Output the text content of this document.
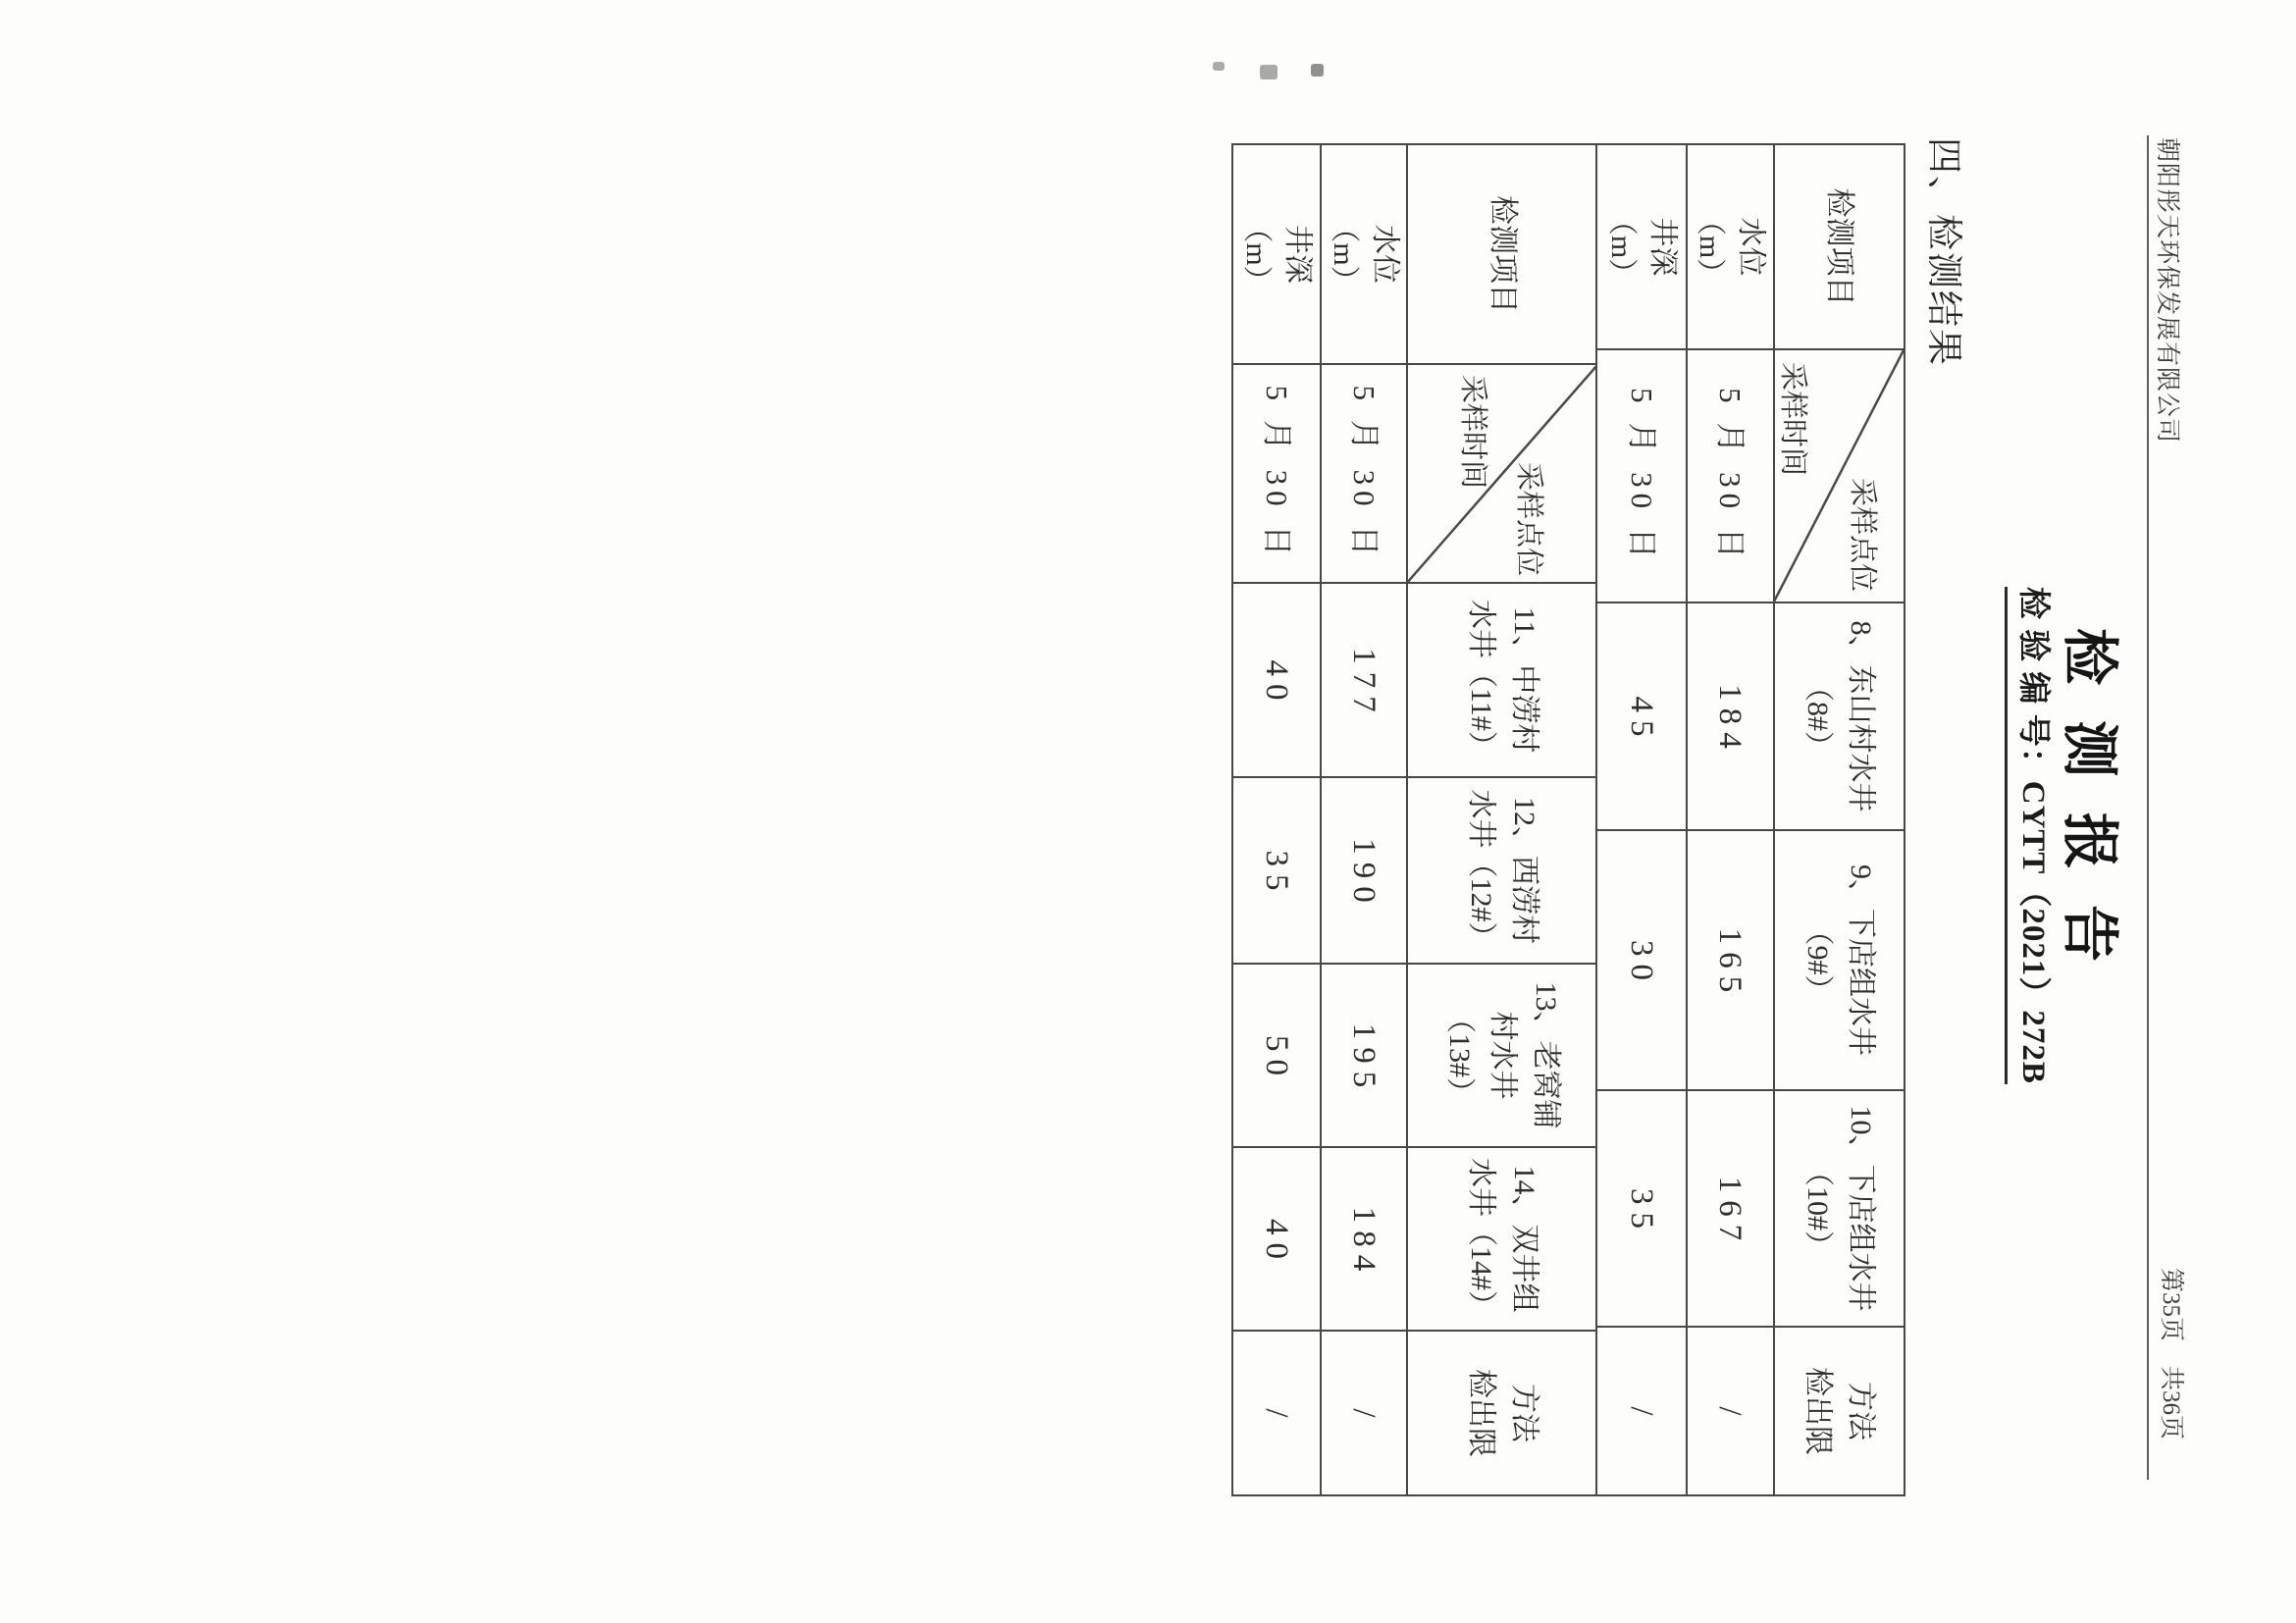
朝阳彤天环保发展有限公司
第35页　共36页
检测报告
检 验 编 号：CYTT（2021）272B
四、检测结果
检测项目
采样点位
采样时间
8、东山村水井
（8#）
9、下店组水井
（9#）
10、下店组水井
（10#）
方法
检出限
水位
（m）
5 月 30 日
184
165
167
/
井深
（m）
5 月 30 日
45
30
35
/
检测项目
采样点位
采样时间
11、中涝村
水井（11#）
12、西涝村
水井（12#）
13、老窝铺
村水井
（13#）
14、双井组
水井（14#）
方法
检出限
水位
（m）
5 月 30 日
177
190
195
184
/
井深
（m）
5 月 30 日
40
35
50
40
/
